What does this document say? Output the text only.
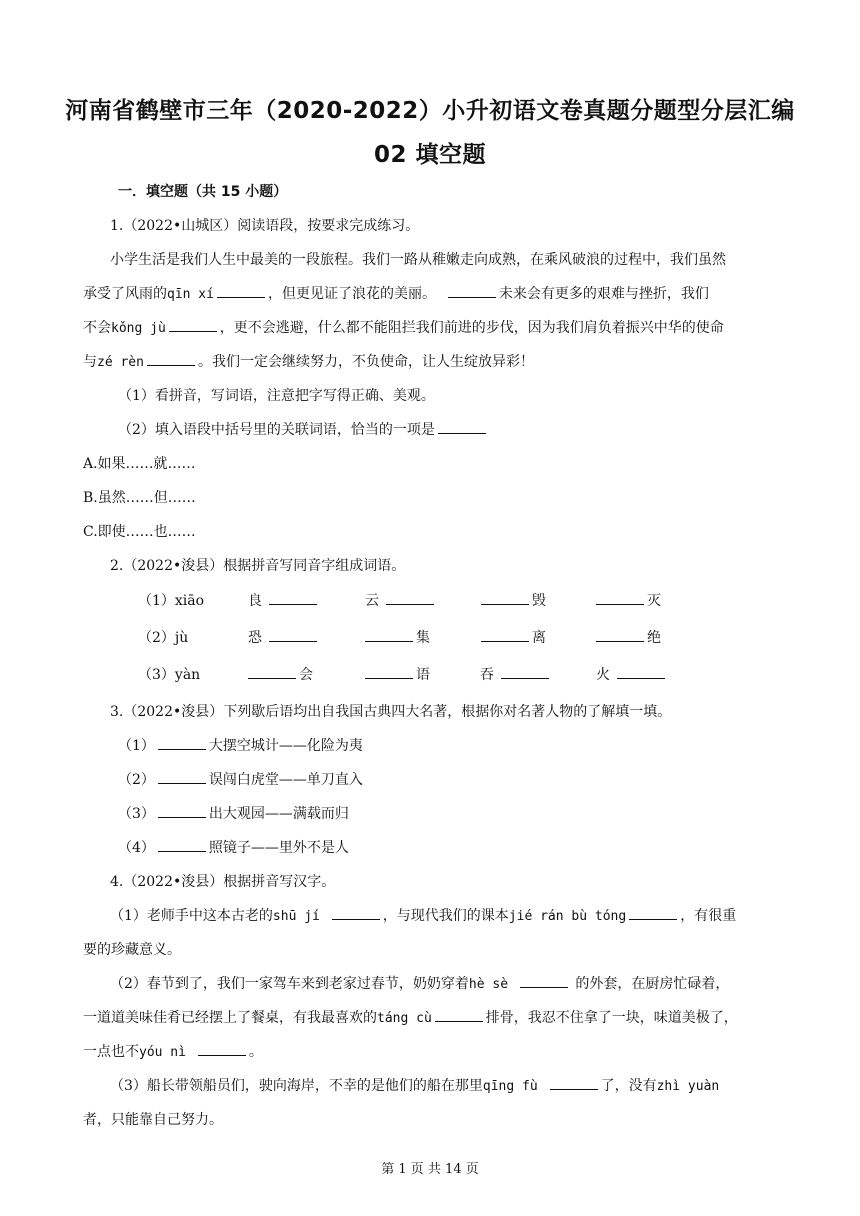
河南省鹤壁市三年（2020-2022）小升初语文卷真题分题型分层汇编
02 填空题
一．填空题（共 15 小题）
1.（2022•山城区）阅读语段，按要求完成练习。
小学生活是我们人生中最美的一段旅程。我们一路从稚嫩走向成熟，在乘风破浪的过程中，我们虽然
承受了风雨的qīn xí	，但更见证了浪花的美丽。	未来会有更多的艰难与挫折，我们
不会kǒng jù	，更不会逃避，什么都不能阻拦我们前进的步伐，因为我们肩负着振兴中华的使命
与zé rèn	。我们一定会继续努力，不负使命，让人生绽放异彩！
（1）看拼音，写词语，注意把字写得正确、美观。
（2）填入语段中括号里的关联词语，恰当的一项是
A.如果……就……
B.虽然……但……
C.即使……也……
2.（2022•浚县）根据拼音写同音字组成词语。
（1）xiāo	良	云	毁	灭
（2）jù	恐	集	离	绝
（3）yàn	会	语	吞	火
3.（2022•浚县）下列歇后语均出自我国古典四大名著，根据你对名著人物的了解填一填。
（1）	大摆空城计——化险为夷
（2）	误闯白虎堂——单刀直入
（3）	出大观园——满载而归
（4）	照镜子——里外不是人
4.（2022•浚县）根据拼音写汉字。
（1）老师手中这本古老的shū jí	，与现代我们的课本jié rán bù tóng	，有很重
要的珍藏意义。
（2）春节到了，我们一家驾车来到老家过春节，奶奶穿着hè sè	的外套，在厨房忙碌着，
一道道美味佳肴已经摆上了餐桌，有我最喜欢的táng cù	排骨，我忍不住拿了一块，味道美极了，
一点也不yóu nì	。
（3）船长带领船员们，驶向海岸，不幸的是他们的船在那里qīng fù	了，没有zhì yuàn
者，只能靠自己努力。
第 1 页 共 14 页
